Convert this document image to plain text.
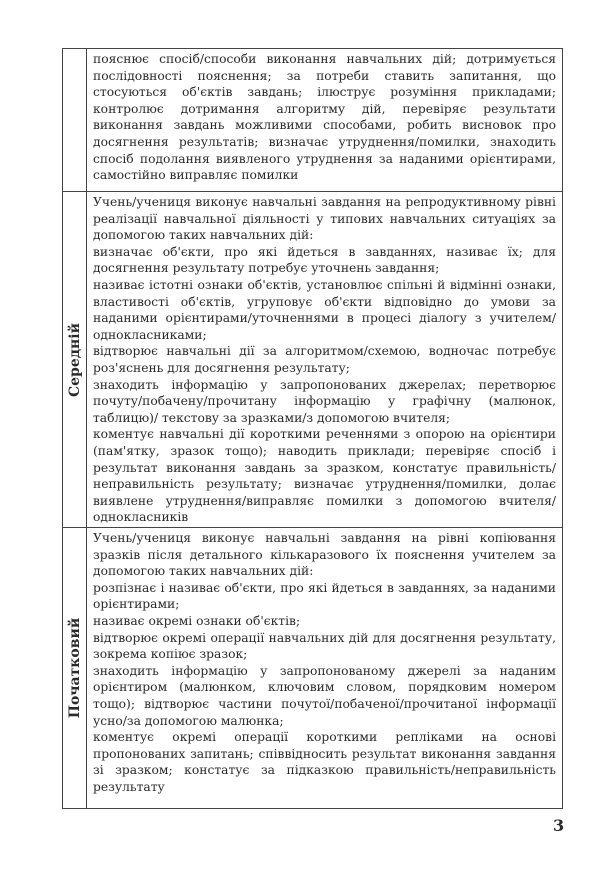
пояснює спосіб/способи виконання навчальних дій; дотримується послідовності пояснення; за потреби ставить запитання, що стосуються об'єктів завдань; ілюструє розуміння прикладами; контролює дотримання алгоритму дій, перевіряє результати виконання завдань можливими способами, робить висновок про досягнення результатів; визначає утруднення/помилки, знаходить спосіб подолання виявленого утруднення за наданими орієнтирами, самостійно виправляє помилки

Середній

Учень/учениця виконує навчальні завдання на репродуктивному рівні реалізації навчальної діяльності у типових навчальних ситуаціях за допомогою таких навчальних дій:

визначає об'єкти, про які йдеться в завданнях, називає їх; для досягнення результату потребує уточнень завдання;

називає істотні ознаки об'єктів, установлює спільні й відмінні ознаки, властивості об'єктів, угруповує об'єкти відповідно до умови за наданими орієнтирами/уточненнями в процесі діалогу з учителем/однокласниками;

відтворює навчальні дії за алгоритмом/схемою, водночас потребує роз'яснень для досягнення результату;

знаходить інформацію у запропонованих джерелах; перетворює почуту/побачену/прочитану інформацію у графічну (малюнок, таблицю)/ текстову за зразками/з допомогою вчителя;

коментує навчальні дії короткими реченнями з опорою на орієнтири (пам'ятку, зразок тощо); наводить приклади; перевіряє спосіб і результат виконання завдань за зразком, констатує правильність/неправильність результату; визначає утруднення/помилки, долає виявлене утруднення/виправляє помилки з допомогою вчителя/однокласників

Початковий

Учень/учениця виконує навчальні завдання на рівні копіювання зразків після детального кількаразового їх пояснення учителем за допомогою таких навчальних дій:

розпізнає і називає об'єкти, про які йдеться в завданнях, за наданими орієнтирами;

називає окремі ознаки об'єктів;

відтворює окремі операції навчальних дій для досягнення результату, зокрема копіює зразок;

знаходить інформацію у запропонованому джерелі за наданим орієнтиром (малюнком, ключовим словом, порядковим номером тощо); відтворює частини почутої/побаченої/прочитаної інформації усно/за допомогою малюнка;

коментує окремі операції короткими репліками на основі пропонованих запитань; співвідносить результат виконання завдання зі зразком; констатує за підказкою правильність/неправильність результату

3
